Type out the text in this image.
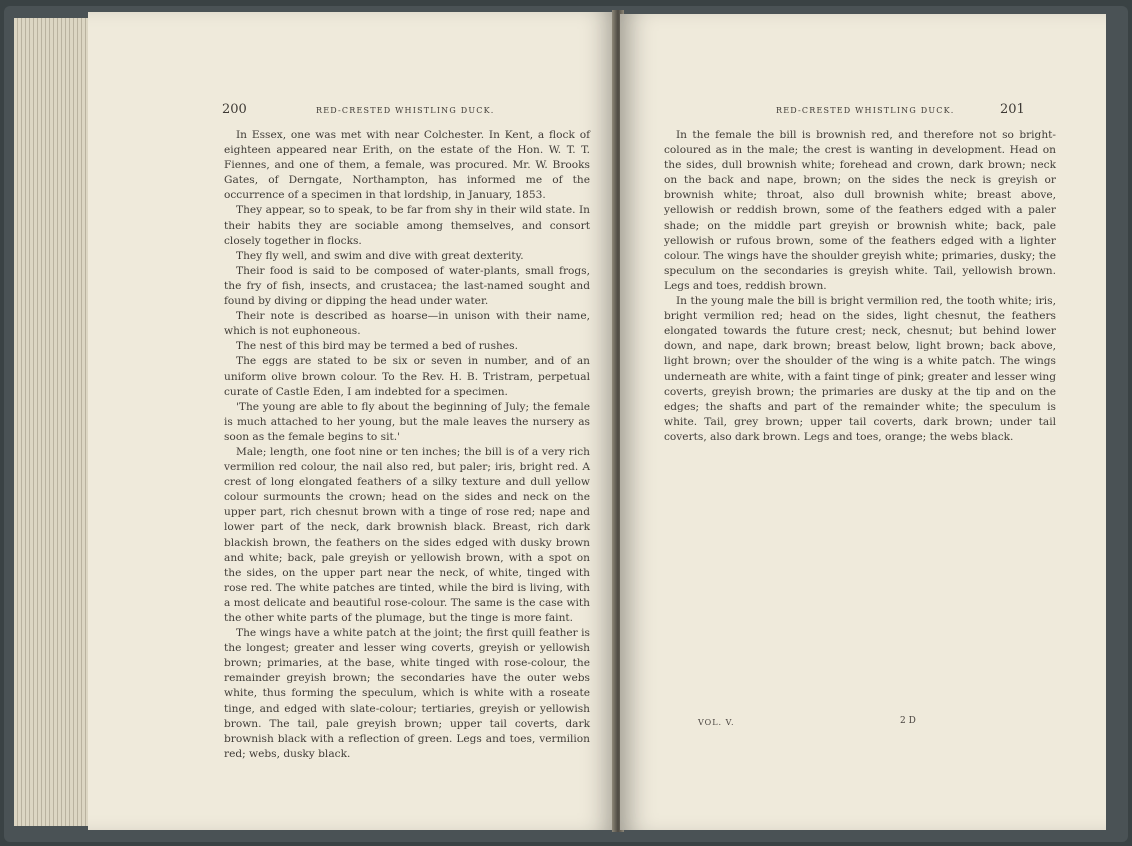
200	RED-CRESTED WHISTLING DUCK.

In Essex, one was met with near Colchester. In Kent, a flock of eighteen appeared near Erith, on the estate of the Hon. W. T. T. Fiennes, and one of them, a female, was procured. Mr. W. Brooks Gates, of Derngate, Northampton, has informed me of the occurrence of a specimen in that lordship, in January, 1853.

They appear, so to speak, to be far from shy in their wild state. In their habits they are sociable among themselves, and consort closely together in flocks.

They fly well, and swim and dive with great dexterity.

Their food is said to be composed of water-plants, small frogs, the fry of fish, insects, and crustacea; the last-named sought and found by diving or dipping the head under water.

Their note is described as hoarse—in unison with their name, which is not euphoneous.

The nest of this bird may be termed a bed of rushes.

The eggs are stated to be six or seven in number, and of an uniform olive brown colour. To the Rev. H. B. Tristram, perpetual curate of Castle Eden, I am indebted for a specimen.

'The young are able to fly about the beginning of July; the female is much attached to her young, but the male leaves the nursery as soon as the female begins to sit.'

Male; length, one foot nine or ten inches; the bill is of a very rich vermilion red colour, the nail also red, but paler; iris, bright red. A crest of long elongated feathers of a silky texture and dull yellow colour surmounts the crown; head on the sides and neck on the upper part, rich chesnut brown with a tinge of rose red; nape and lower part of the neck, dark brownish black. Breast, rich dark blackish brown, the feathers on the sides edged with dusky brown and white; back, pale greyish or yellowish brown, with a spot on the sides, on the upper part near the neck, of white, tinged with rose red. The white patches are tinted, while the bird is living, with a most delicate and beautiful rose-colour. The same is the case with the other white parts of the plumage, but the tinge is more faint.

The wings have a white patch at the joint; the first quill feather is the longest; greater and lesser wing coverts, greyish or yellowish brown; primaries, at the base, white tinged with rose-colour, the remainder greyish brown; the secondaries have the outer webs white, thus forming the speculum, which is white with a roseate tinge, and edged with slate-colour; tertiaries, greyish or yellowish brown. The tail, pale greyish brown; upper tail coverts, dark brownish black with a reflection of green. Legs and toes, vermilion red; webs, dusky black.

RED-CRESTED WHISTLING DUCK.	201

In the female the bill is brownish red, and therefore not so bright-coloured as in the male; the crest is wanting in development. Head on the sides, dull brownish white; forehead and crown, dark brown; neck on the back and nape, brown; on the sides the neck is greyish or brownish white; throat, also dull brownish white; breast above, yellowish or reddish brown, some of the feathers edged with a paler shade; on the middle part greyish or brownish white; back, pale yellowish or rufous brown, some of the feathers edged with a lighter colour. The wings have the shoulder greyish white; primaries, dusky; the speculum on the secondaries is greyish white. Tail, yellowish brown. Legs and toes, reddish brown.

In the young male the bill is bright vermilion red, the tooth white; iris, bright vermilion red; head on the sides, light chesnut, the feathers elongated towards the future crest; neck, chesnut; but behind lower down, and nape, dark brown; breast below, light brown; back above, light brown; over the shoulder of the wing is a white patch. The wings underneath are white, with a faint tinge of pink; greater and lesser wing coverts, greyish brown; the primaries are dusky at the tip and on the edges; the shafts and part of the remainder white; the speculum is white. Tail, grey brown; upper tail coverts, dark brown; under tail coverts, also dark brown. Legs and toes, orange; the webs black.

VOL. V.	2 D
